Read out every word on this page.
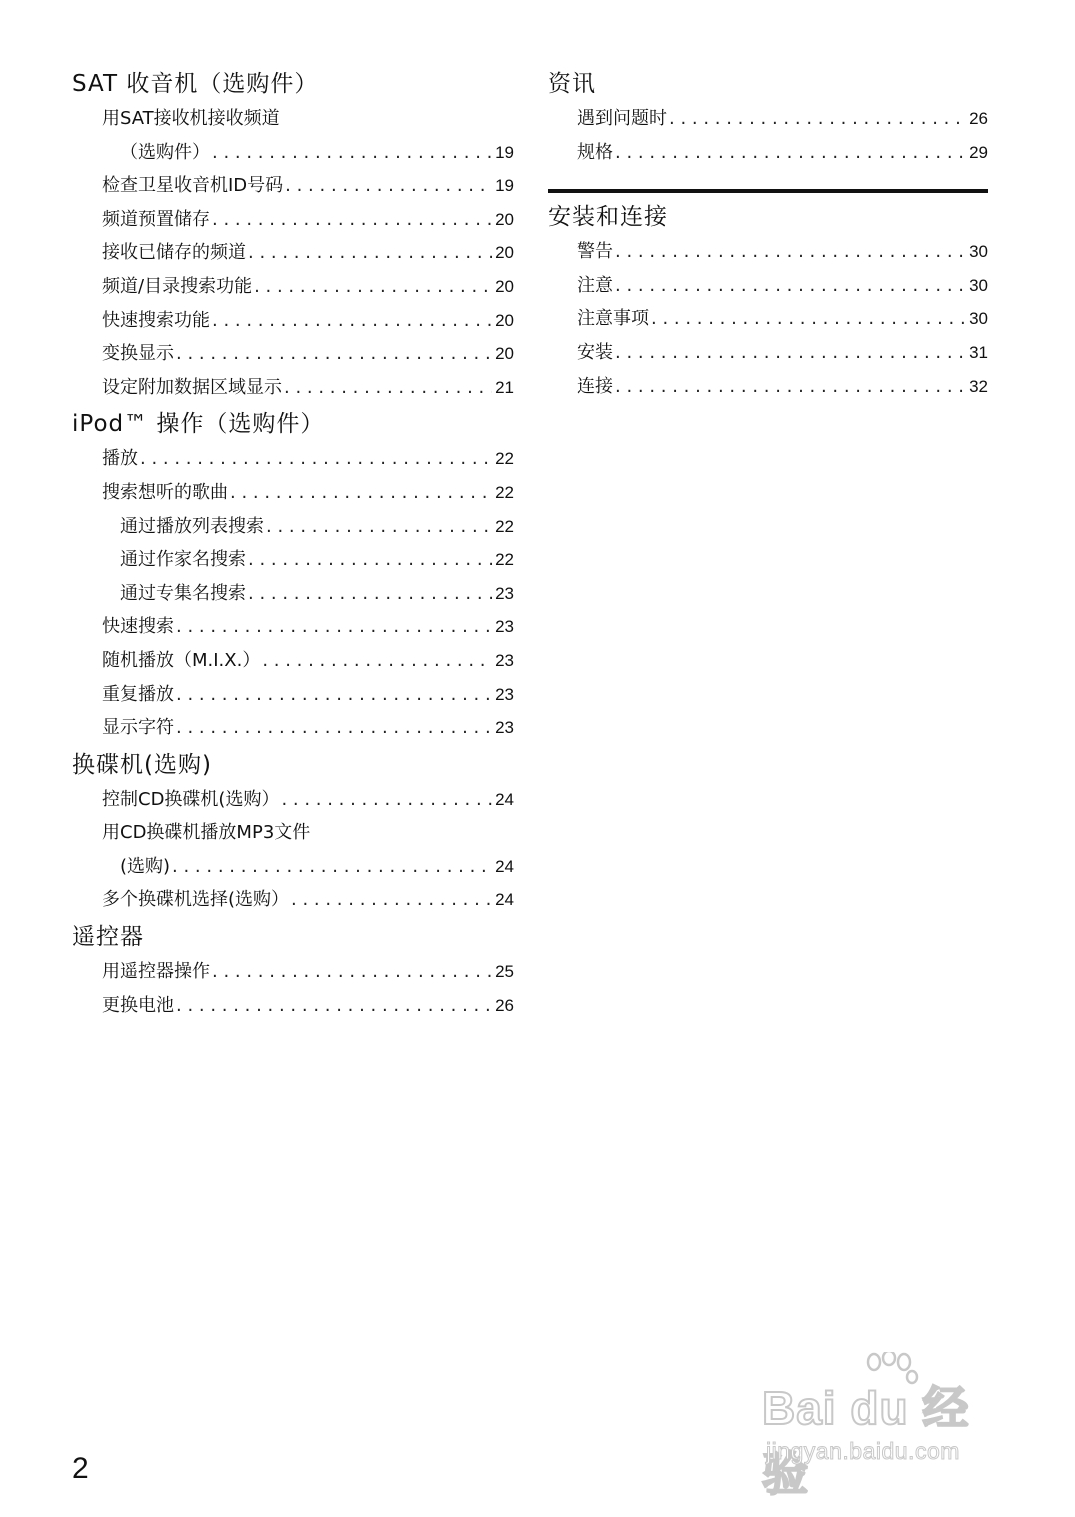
SAT 收音机（选购件）
用SAT接收机接收频道
（选购件） . . .	19
检查卫星收音机ID号码 . . .	19
频道预置储存 . . .	20
接收已储存的频道 . . .	20
频道/目录搜索功能 . . .	20
快速搜索功能 . . .	20
变换显示 . . .	20
设定附加数据区域显示 . . .	21
iPod™ 操作（选购件）
播放 . . .	22
搜索想听的歌曲 . . .	22
通过播放列表搜索 . . .	22
通过作家名搜索 . . .	22
通过专集名搜索 . . .	23
快速搜索 . . .	23
随机播放（M.I.X.） . . .	23
重复播放 . . .	23
显示字符 . . .	23
换碟机(选购)
控制CD换碟机(选购） . . .	24
用CD换碟机播放MP3文件
(选购) . . .	24
多个换碟机选择(选购） . . .	24
遥控器
用遥控器操作 . . .	25
更换电池 . . .	26
资讯
遇到问题时 . . .	26
规格 . . .	29
安装和连接
警告 . . .	30
注意 . . .	30
注意事项 . . .	30
安装 . . .	31
连接 . . .	32
2
Bai du 经验
jingyan.baidu.com
